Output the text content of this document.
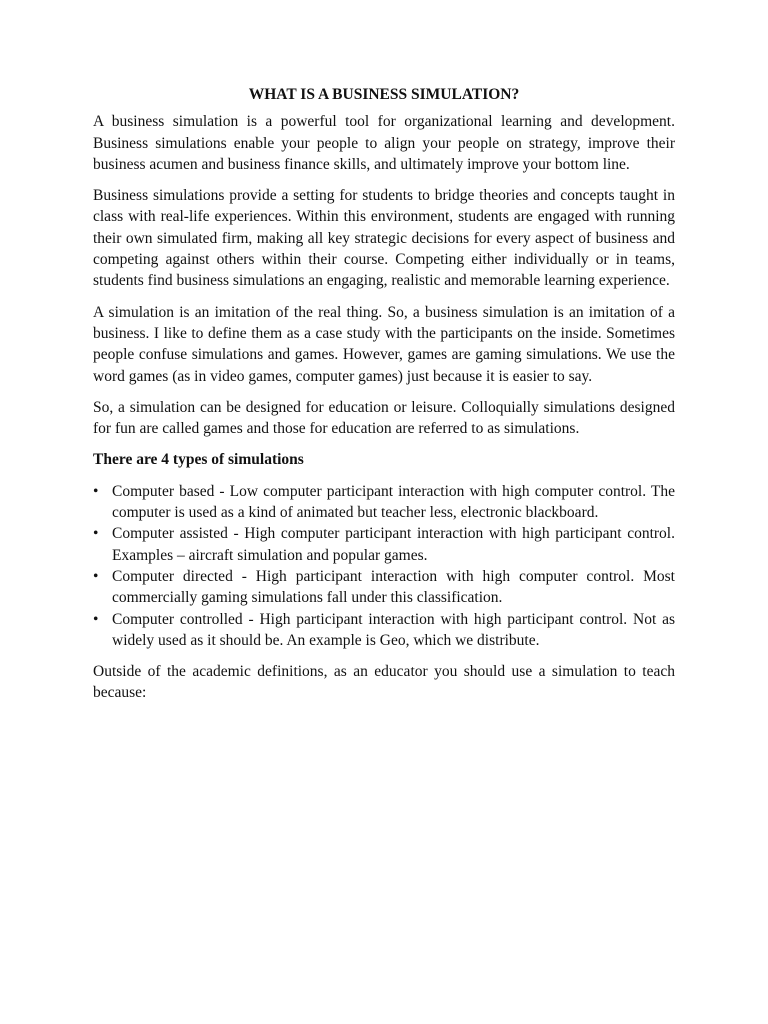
WHAT IS A BUSINESS SIMULATION?

A business simulation is a powerful tool for organizational learning and development. Business simulations enable your people to align your people on strategy, improve their business acumen and business finance skills, and ultimately improve your bottom line.

Business simulations provide a setting for students to bridge theories and concepts taught in class with real-life experiences. Within this environment, students are engaged with running their own simulated firm, making all key strategic decisions for every aspect of business and competing against others within their course. Competing either individually or in teams, students find business simulations an engaging, realistic and memorable learning experience.

A simulation is an imitation of the real thing. So, a business simulation is an imitation of a business. I like to define them as a case study with the participants on the inside. Sometimes people confuse simulations and games. However, games are gaming simulations. We use the word games (as in video games, computer games) just because it is easier to say.

So, a simulation can be designed for education or leisure. Colloquially simulations designed for fun are called games and those for education are referred to as simulations.

There are 4 types of simulations
• Computer based - Low computer participant interaction with high computer control. The computer is used as a kind of animated but teacher less, electronic blackboard.
• Computer assisted - High computer participant interaction with high participant control. Examples – aircraft simulation and popular games.
• Computer directed - High participant interaction with high computer control. Most commercially gaming simulations fall under this classification.
• Computer controlled - High participant interaction with high participant control. Not as widely used as it should be. An example is Geo, which we distribute.

Outside of the academic definitions, as an educator you should use a simulation to teach because:
